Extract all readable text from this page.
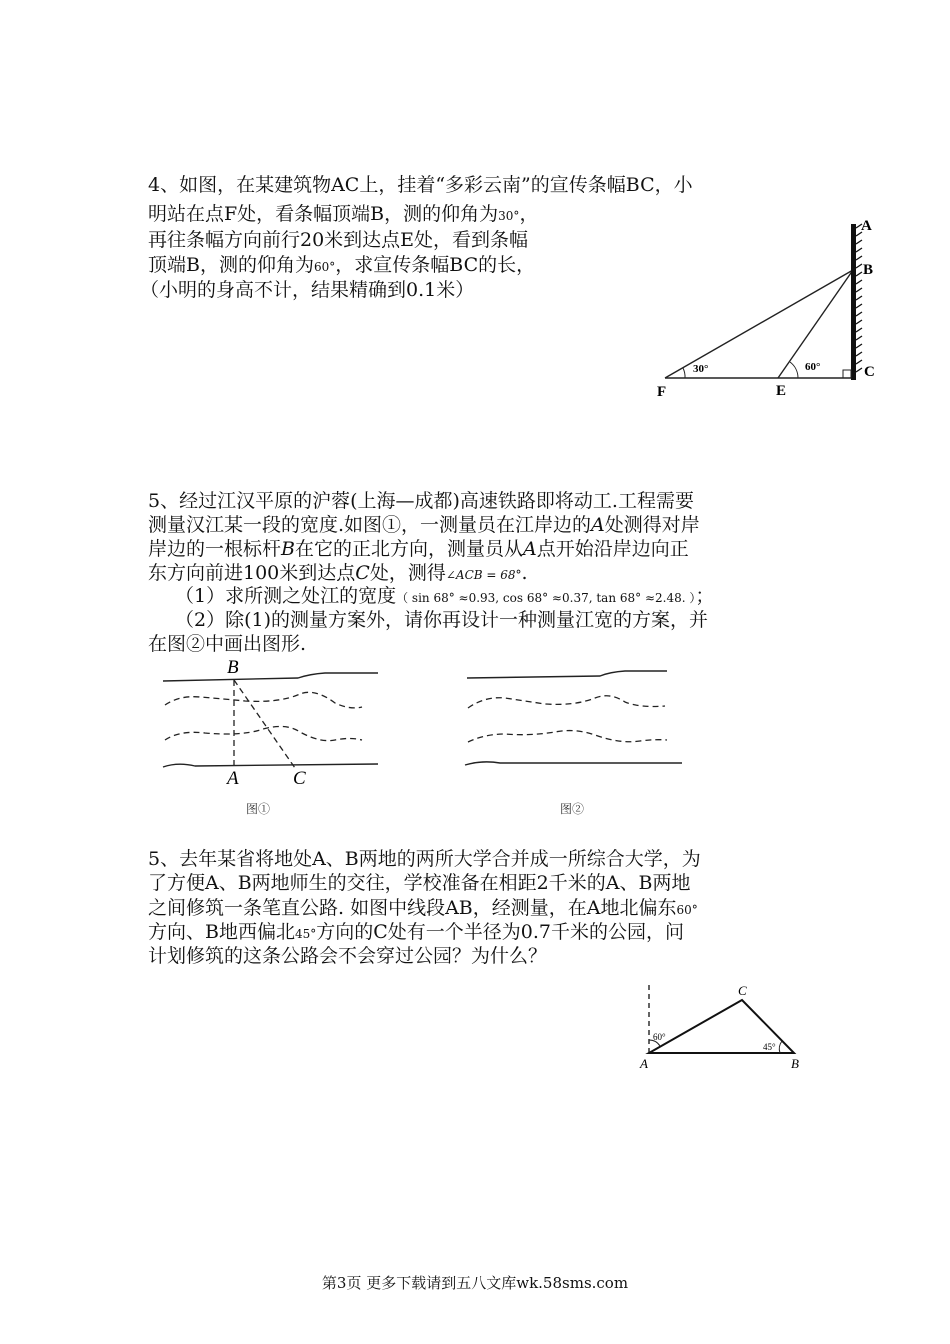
4、如图，在某建筑物AC上，挂着“多彩云南”的宣传条幅BC，小
明站在点F处，看条幅顶端B，测的仰角为30°，
再往条幅方向前行20米到达点E处，看到条幅
顶端B，测的仰角为60°，求宣传条幅BC的长，
（小明的身高不计，结果精确到0.1米）
A
B
C
E
F
30°	60°
5、经过江汉平原的沪蓉(上海—成都)高速铁路即将动工.工程需要
测量汉江某一段的宽度.如图①，一测量员在江岸边的A处测得对岸
岸边的一根标杆B在它的正北方向，测量员从A点开始沿岸边向正
东方向前进100米到达点C处，测得∠ACB = 68°.
（1）求所测之处江的宽度（ sin 68° ≈0.93, cos 68° ≈0.37, tan 68° ≈2.48. ）；
（2）除(1)的测量方案外，请你再设计一种测量江宽的方案，并
在图②中画出图形.
B
A	C
图①	图②
5、去年某省将地处A、B两地的两所大学合并成一所综合大学，为
了方便A、B两地师生的交往，学校准备在相距2千米的A、B两地
之间修筑一条笔直公路. 如图中线段AB，经测量，在A地北偏东60°
方向、B地西偏北45°方向的C处有一个半径为0.7千米的公园，问
计划修筑的这条公路会不会穿过公园？为什么？
C
A	B
60°
45°
第3页 更多下载请到五八文库wk.58sms.com
